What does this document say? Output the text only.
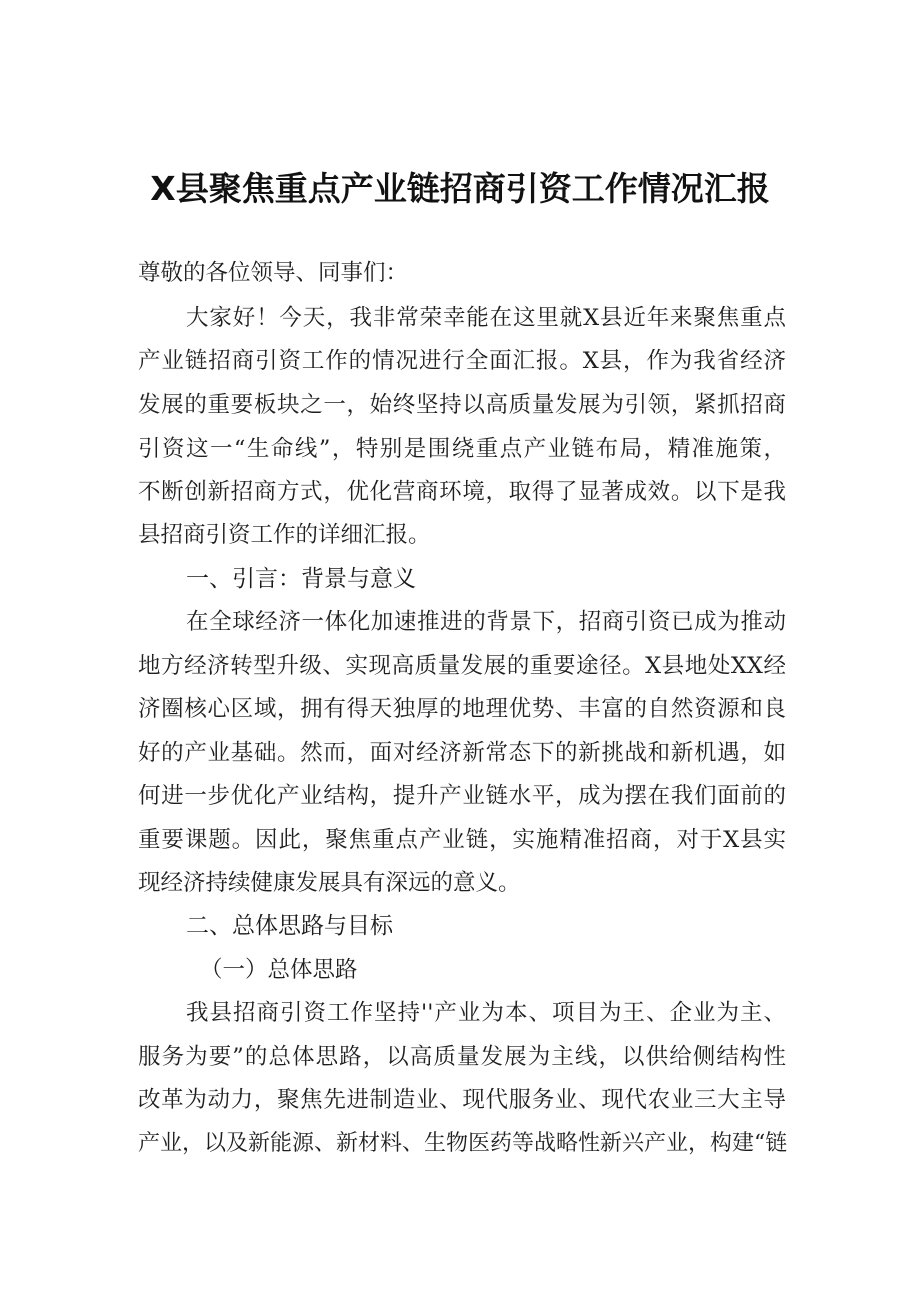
X县聚焦重点产业链招商引资工作情况汇报
尊敬的各位领导、同事们：
大家好！今天，我非常荣幸能在这里就X县近年来聚焦重点
产业链招商引资工作的情况进行全面汇报。X县，作为我省经济
发展的重要板块之一，始终坚持以高质量发展为引领，紧抓招商
引资这一“生命线”，特别是围绕重点产业链布局，精准施策，
不断创新招商方式，优化营商环境，取得了显著成效。以下是我
县招商引资工作的详细汇报。
一、引言：背景与意义
在全球经济一体化加速推进的背景下，招商引资已成为推动
地方经济转型升级、实现高质量发展的重要途径。X县地处XX经
济圈核心区域，拥有得天独厚的地理优势、丰富的自然资源和良
好的产业基础。然而，面对经济新常态下的新挑战和新机遇，如
何进一步优化产业结构，提升产业链水平，成为摆在我们面前的
重要课题。因此，聚焦重点产业链，实施精准招商，对于X县实
现经济持续健康发展具有深远的意义。
二、总体思路与目标
（一）总体思路
我县招商引资工作坚持''产业为本、项目为王、企业为主、
服务为要”的总体思路，以高质量发展为主线，以供给侧结构性
改革为动力，聚焦先进制造业、现代服务业、现代农业三大主导
产业，以及新能源、新材料、生物医药等战略性新兴产业，构建“链
